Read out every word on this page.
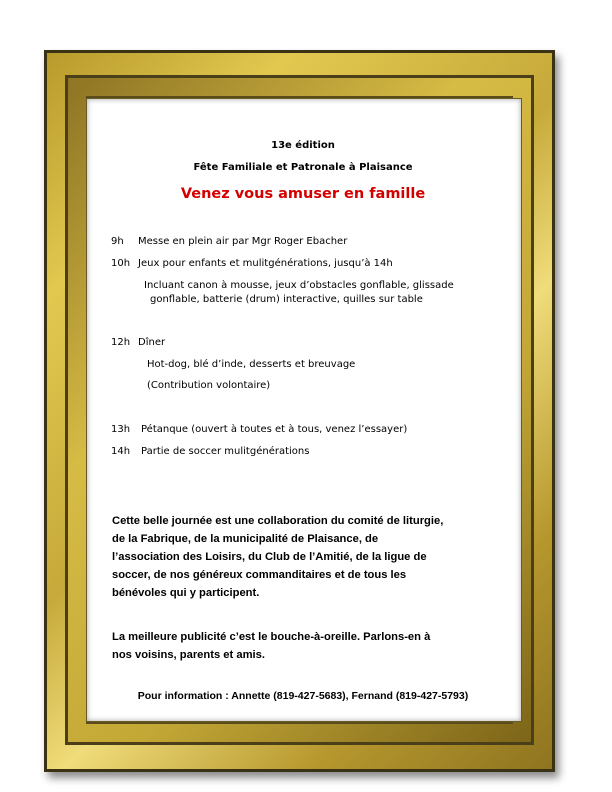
13e édition
Fête Familiale et Patronale à Plaisance
Venez vous amuser en famille
9h Messe en plein air par Mgr Roger Ebacher
10h Jeux pour enfants et mulitgénérations, jusqu’à 14h
Incluant canon à mousse, jeux d’obstacles gonflable, glissade
gonflable, batterie (drum) interactive, quilles sur table
12h Dîner
Hot-dog, blé d’inde, desserts et breuvage
(Contribution volontaire)
13h Pétanque (ouvert à toutes et à tous, venez l’essayer)
14h Partie de soccer mulitgénérations
Cette belle journée est une collaboration du comité de liturgie,
de la Fabrique, de la municipalité de Plaisance, de
l’association des Loisirs, du Club de l’Amitié, de la ligue de
soccer, de nos généreux commanditaires et de tous les
bénévoles qui y participent.
La meilleure publicité c’est le bouche-à-oreille. Parlons-en à
nos voisins, parents et amis.
Pour information : Annette (819-427-5683), Fernand (819-427-5793)
